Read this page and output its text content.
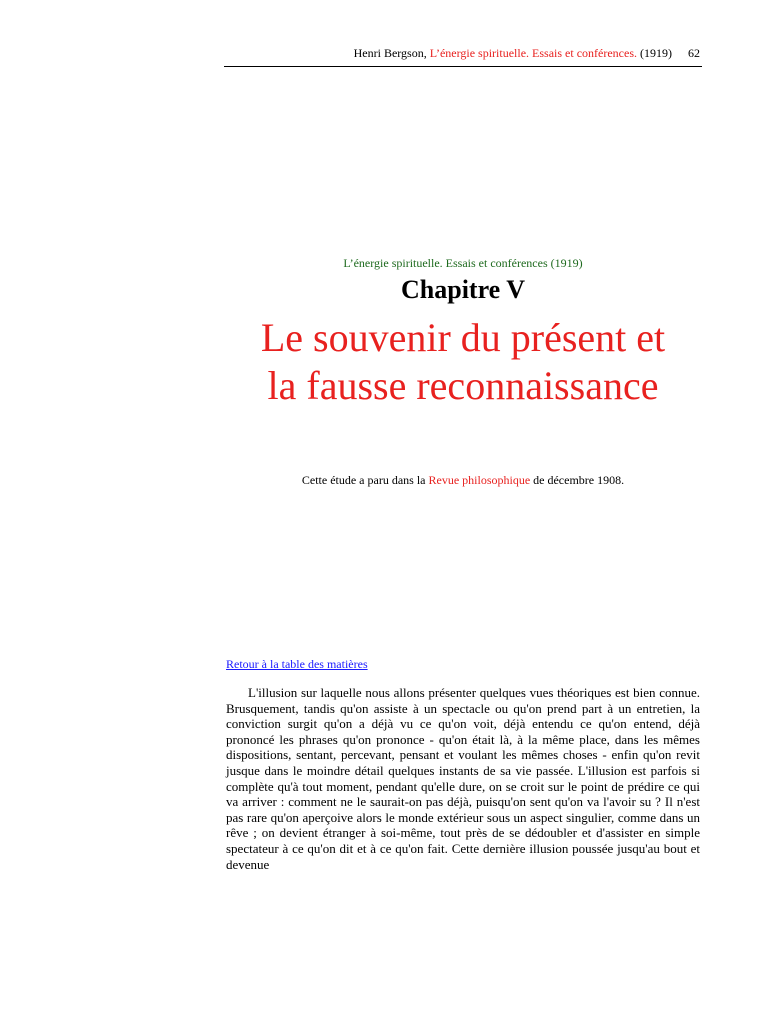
Henri Bergson, L’énergie spirituelle. Essais et conférences. (1919) 62
L’énergie spirituelle. Essais et conférences (1919)
Chapitre V
Le souvenir du présent et
la fausse reconnaissance
Cette étude a paru dans la Revue philosophique de décembre 1908.
Retour à la table des matières

L'illusion sur laquelle nous allons présenter quelques vues théoriques est bien connue. Brusquement, tandis qu'on assiste à un spectacle ou qu'on prend part à un entretien, la conviction surgit qu'on a déjà vu ce qu'on voit, déjà entendu ce qu'on entend, déjà prononcé les phrases qu'on prononce - qu'on était là, à la même place, dans les mêmes dispositions, sentant, percevant, pensant et voulant les mêmes choses - enfin qu'on revit jusque dans le moindre détail quelques instants de sa vie passée. L'illusion est parfois si complète qu'à tout moment, pendant qu'elle dure, on se croit sur le point de prédire ce qui va arriver : comment ne le saurait-on pas déjà, puisqu'on sent qu'on va l'avoir su ? Il n'est pas rare qu'on aperçoive alors le monde extérieur sous un aspect singulier, comme dans un rêve ; on devient étranger à soi-même, tout près de se dédoubler et d'assister en simple spectateur à ce qu'on dit et à ce qu'on fait. Cette dernière illusion poussée jusqu'au bout et devenue
